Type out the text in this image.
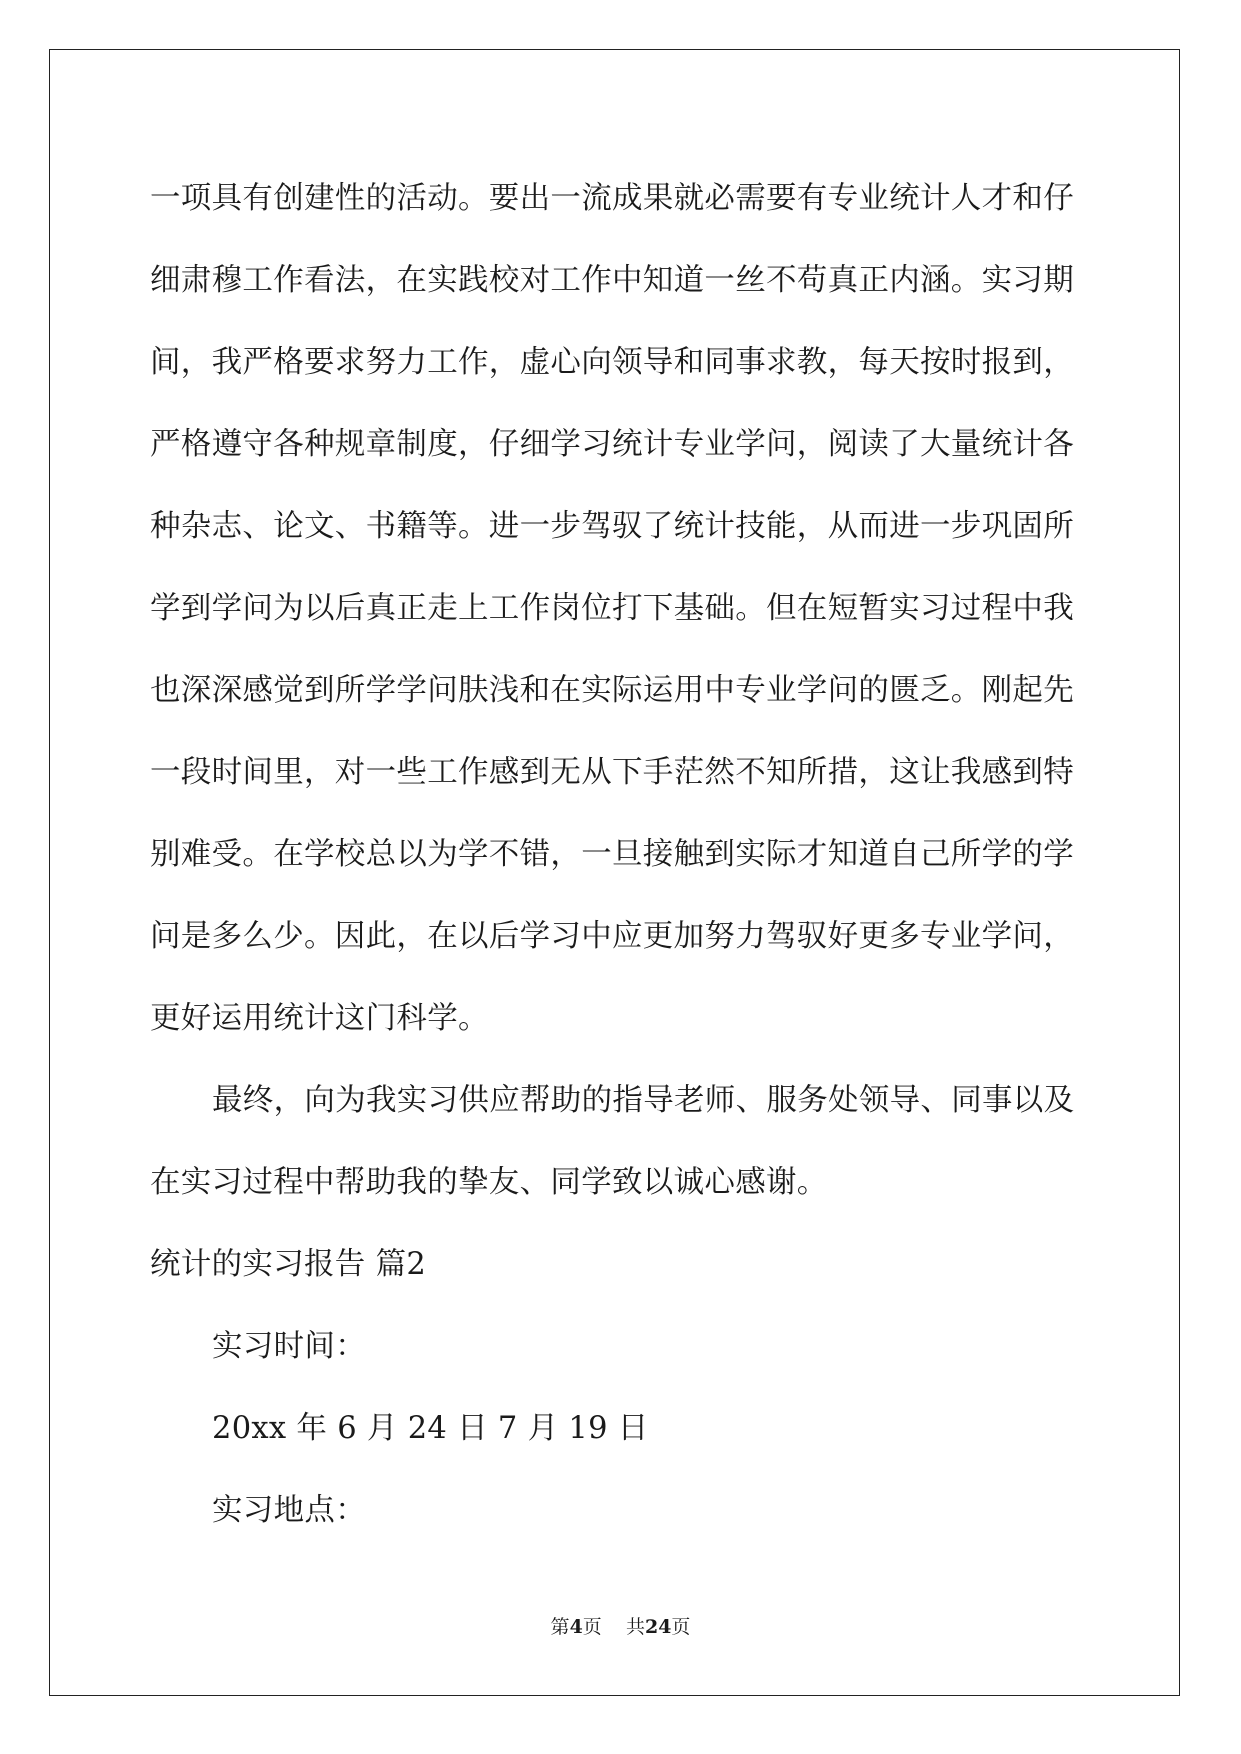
一项具有创建性的活动。要出一流成果就必需要有专业统计人才和仔
细肃穆工作看法，在实践校对工作中知道一丝不苟真正内涵。实习期
间，我严格要求努力工作，虚心向领导和同事求教，每天按时报到，
严格遵守各种规章制度，仔细学习统计专业学问，阅读了大量统计各
种杂志、论文、书籍等。进一步驾驭了统计技能，从而进一步巩固所
学到学问为以后真正走上工作岗位打下基础。但在短暂实习过程中我
也深深感觉到所学学问肤浅和在实际运用中专业学问的匮乏。刚起先
一段时间里，对一些工作感到无从下手茫然不知所措，这让我感到特
别难受。在学校总以为学不错，一旦接触到实际才知道自己所学的学
问是多么少。因此，在以后学习中应更加努力驾驭好更多专业学问，
更好运用统计这门科学。
最终，向为我实习供应帮助的指导老师、服务处领导、同事以及
在实习过程中帮助我的挚友、同学致以诚心感谢。
统计的实习报告 篇2
实习时间：
20xx 年 6 月 24 日 7 月 19 日
实习地点：
第4页    共24页
